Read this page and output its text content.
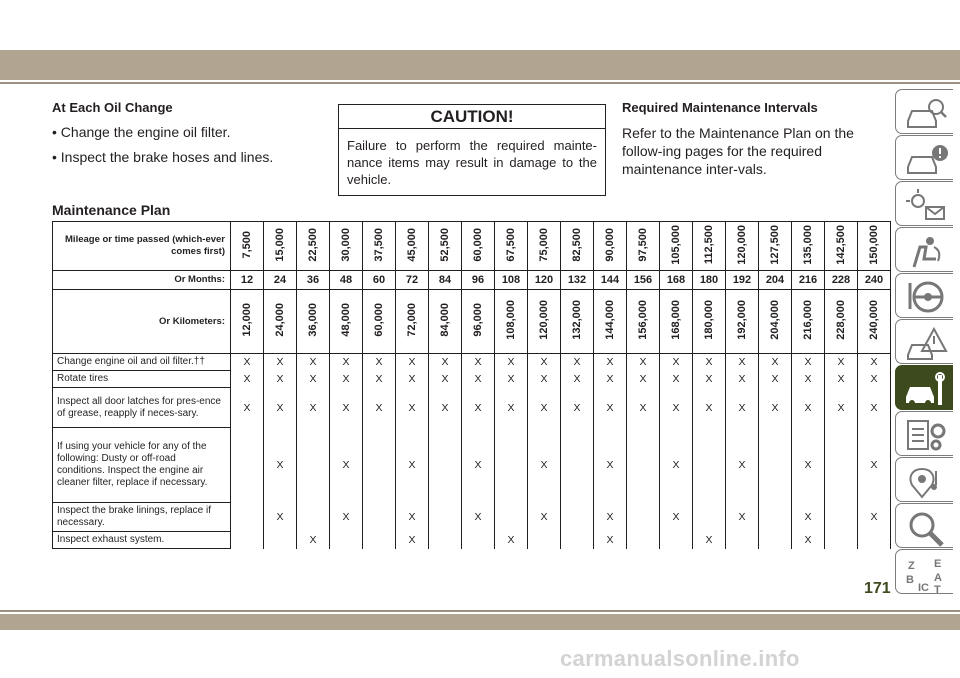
At Each Oil Change
• Change the engine oil filter.
• Inspect the brake hoses and lines.
CAUTION!
Failure to perform the required mainte-nance items may result in damage to the vehicle.
Required Maintenance Intervals
Refer to the Maintenance Plan on the follow-ing pages for the required maintenance inter-vals.
Maintenance Plan
Mileage or time passed (which-ever comes first)	7,500	15,000	22,500	30,000	37,500	45,000	52,500	60,000	67,500	75,000	82,500	90,000	97,500	105,000	112,500	120,000	127,500	135,000	142,500	150,000
Or Months:	12	24	36	48	60	72	84	96	108	120	132	144	156	168	180	192	204	216	228	240
Or Kilometers:	12,000	24,000	36,000	48,000	60,000	72,000	84,000	96,000	108,000	120,000	132,000	144,000	156,000	168,000	180,000	192,000	204,000	216,000	228,000	240,000
Change engine oil and oil filter.††	X	X	X	X	X	X	X	X	X	X	X	X	X	X	X	X	X	X	X	X
Rotate tires	X	X	X	X	X	X	X	X	X	X	X	X	X	X	X	X	X	X	X	X
Inspect all door latches for pres-ence of grease, reapply if neces-sary.	X	X	X	X	X	X	X	X	X	X	X	X	X	X	X	X	X	X	X	X
If using your vehicle for any of the following: Dusty or off-road conditions. Inspect the engine air cleaner filter, replace if necessary.		X		X		X		X		X		X		X		X		X		X
Inspect the brake linings, replace if necessary.		X		X		X		X		X		X		X		X		X		X
Inspect exhaust system.			X			X			X			X			X			X		
Z E
B A
IC T
171
carmanualsonline.info
